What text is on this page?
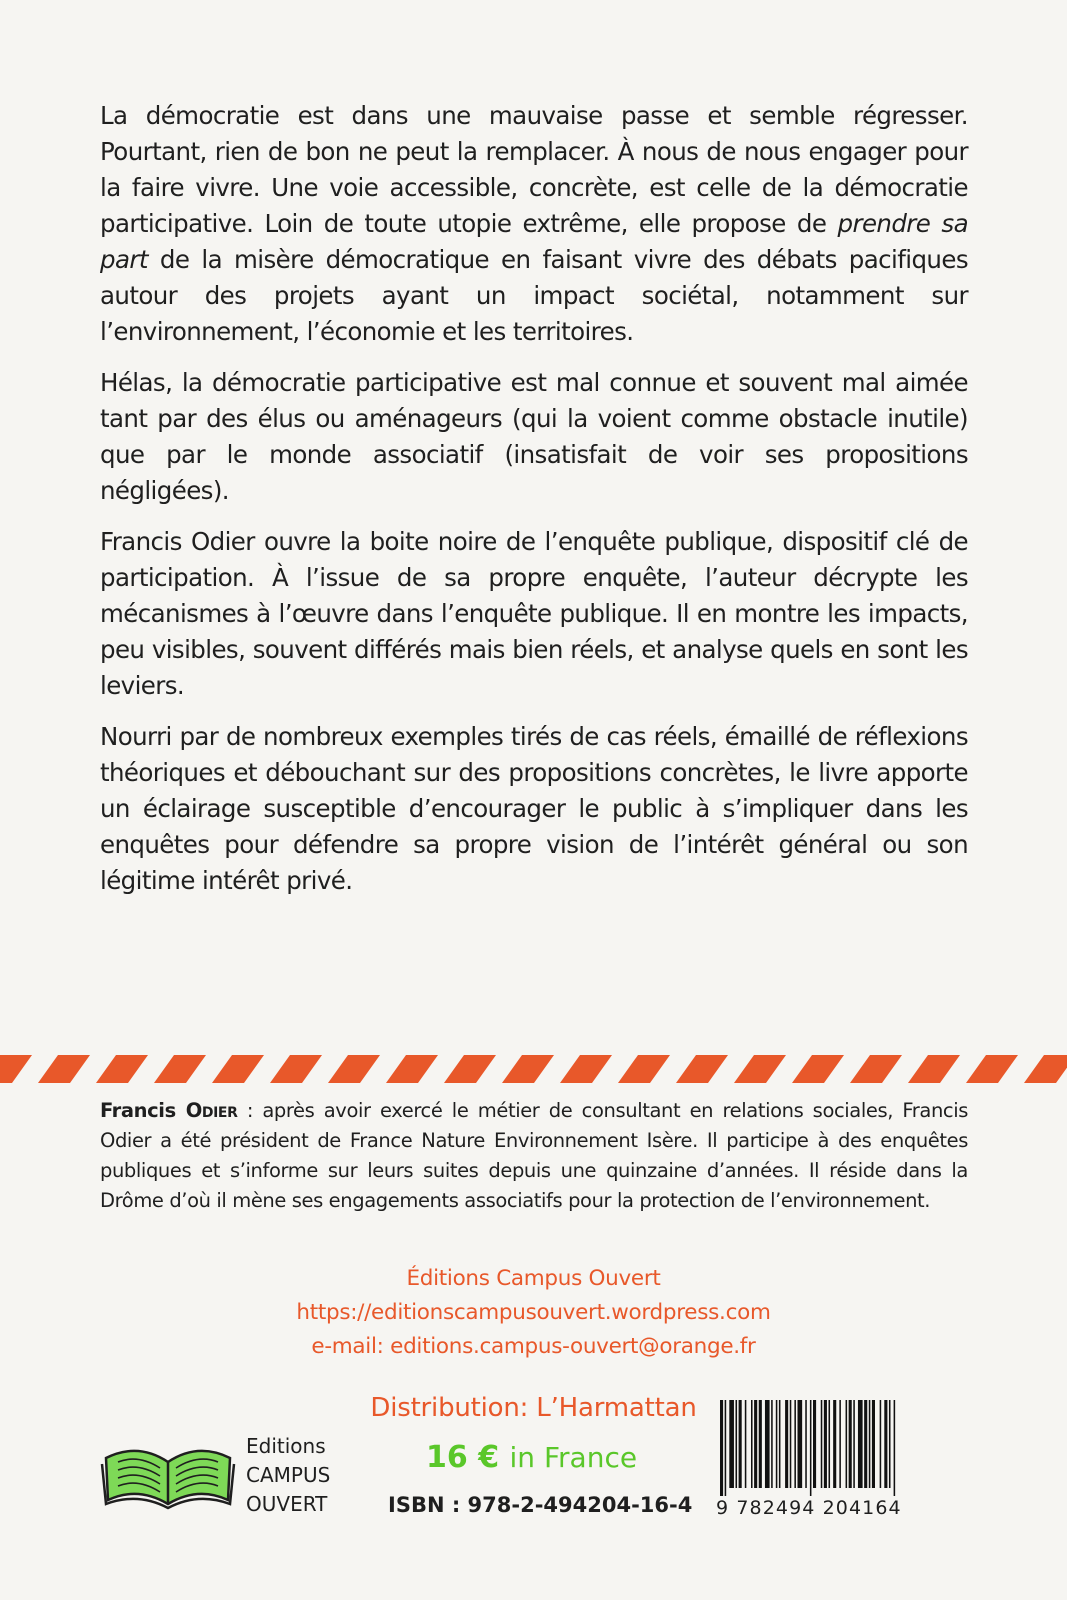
La démocratie est dans une mauvaise passe et semble régresser. Pourtant, rien de bon ne peut la remplacer. À nous de nous engager pour la faire vivre. Une voie accessible, concrète, est celle de la démocratie participative. Loin de toute utopie extrême, elle propose de prendre sa part de la misère démocratique en faisant vivre des débats pacifiques autour des projets ayant un impact sociétal, notamment sur l’environnement, l’économie et les territoires.

Hélas, la démocratie participative est mal connue et souvent mal aimée tant par des élus ou aménageurs (qui la voient comme obstacle inutile) que par le monde associatif (insatisfait de voir ses propositions négligées).

Francis Odier ouvre la boite noire de l’enquête publique, dispositif clé de participation. À l’issue de sa propre enquête, l’auteur décrypte les mécanismes à l’œuvre dans l’enquête publique. Il en montre les impacts, peu visibles, souvent différés mais bien réels, et analyse quels en sont les leviers.

Nourri par de nombreux exemples tirés de cas réels, émaillé de réflexions théoriques et débouchant sur des propositions concrètes, le livre apporte un éclairage susceptible d’encourager le public à s’impliquer dans les enquêtes pour défendre sa propre vision de l’intérêt général ou son légitime intérêt privé.

Francis Odier : après avoir exercé le métier de consultant en relations sociales, Francis Odier a été président de France Nature Environnement Isère. Il participe à des enquêtes publiques et s’informe sur leurs suites depuis une quinzaine d’années. Il réside dans la Drôme d’où il mène ses engagements associatifs pour la protection de l’environnement.

Éditions Campus Ouvert
https://editionscampusouvert.wordpress.com
e-mail: editions.campus-ouvert@orange.fr
Distribution: L’Harmattan
Editions
CAMPUS
OUVERT
16 € in France
ISBN : 978-2-494204-16-4 9 782494 204164
